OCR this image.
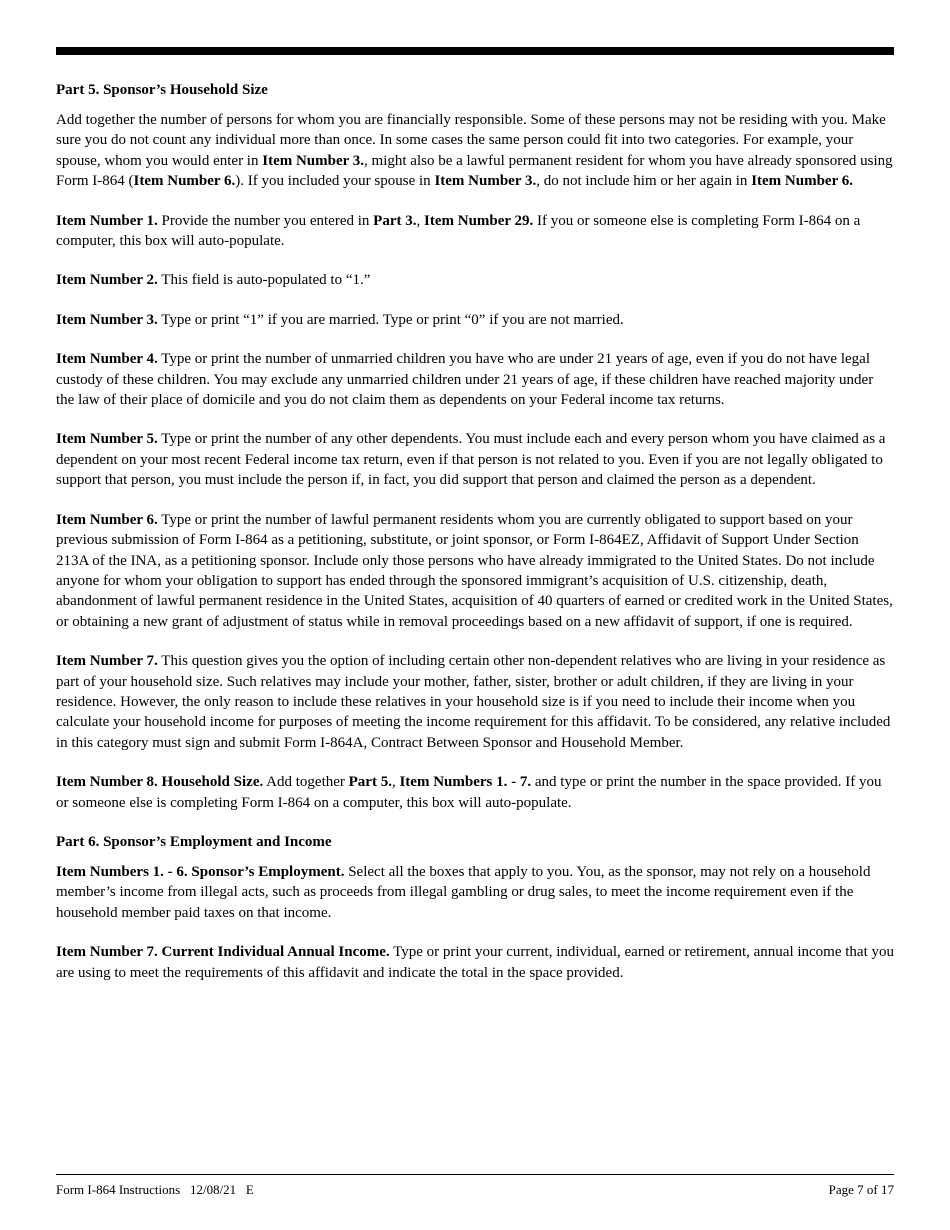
Part 5. Sponsor’s Household Size

Add together the number of persons for whom you are financially responsible. Some of these persons may not be residing with you. Make sure you do not count any individual more than once. In some cases the same person could fit into two categories. For example, your spouse, whom you would enter in Item Number 3., might also be a lawful permanent resident for whom you have already sponsored using Form I-864 (Item Number 6.). If you included your spouse in Item Number 3., do not include him or her again in Item Number 6.

Item Number 1. Provide the number you entered in Part 3., Item Number 29. If you or someone else is completing Form I-864 on a computer, this box will auto-populate.

Item Number 2. This field is auto-populated to “1.”

Item Number 3. Type or print “1” if you are married. Type or print “0” if you are not married.

Item Number 4. Type or print the number of unmarried children you have who are under 21 years of age, even if you do not have legal custody of these children. You may exclude any unmarried children under 21 years of age, if these children have reached majority under the law of their place of domicile and you do not claim them as dependents on your Federal income tax returns.

Item Number 5. Type or print the number of any other dependents. You must include each and every person whom you have claimed as a dependent on your most recent Federal income tax return, even if that person is not related to you. Even if you are not legally obligated to support that person, you must include the person if, in fact, you did support that person and claimed the person as a dependent.

Item Number 6. Type or print the number of lawful permanent residents whom you are currently obligated to support based on your previous submission of Form I-864 as a petitioning, substitute, or joint sponsor, or Form I-864EZ, Affidavit of Support Under Section 213A of the INA, as a petitioning sponsor. Include only those persons who have already immigrated to the United States. Do not include anyone for whom your obligation to support has ended through the sponsored immigrant’s acquisition of U.S. citizenship, death, abandonment of lawful permanent residence in the United States, acquisition of 40 quarters of earned or credited work in the United States, or obtaining a new grant of adjustment of status while in removal proceedings based on a new affidavit of support, if one is required.

Item Number 7. This question gives you the option of including certain other non-dependent relatives who are living in your residence as part of your household size. Such relatives may include your mother, father, sister, brother or adult children, if they are living in your residence. However, the only reason to include these relatives in your household size is if you need to include their income when you calculate your household income for purposes of meeting the income requirement for this affidavit. To be considered, any relative included in this category must sign and submit Form I-864A, Contract Between Sponsor and Household Member.

Item Number 8. Household Size. Add together Part 5., Item Numbers 1. - 7. and type or print the number in the space provided. If you or someone else is completing Form I-864 on a computer, this box will auto-populate.

Part 6. Sponsor’s Employment and Income

Item Numbers 1. - 6. Sponsor’s Employment. Select all the boxes that apply to you. You, as the sponsor, may not rely on a household member’s income from illegal acts, such as proceeds from illegal gambling or drug sales, to meet the income requirement even if the household member paid taxes on that income.

Item Number 7. Current Individual Annual Income. Type or print your current, individual, earned or retirement, annual income that you are using to meet the requirements of this affidavit and indicate the total in the space provided.

Form I-864 Instructions   12/08/21   E	Page 7 of 17
